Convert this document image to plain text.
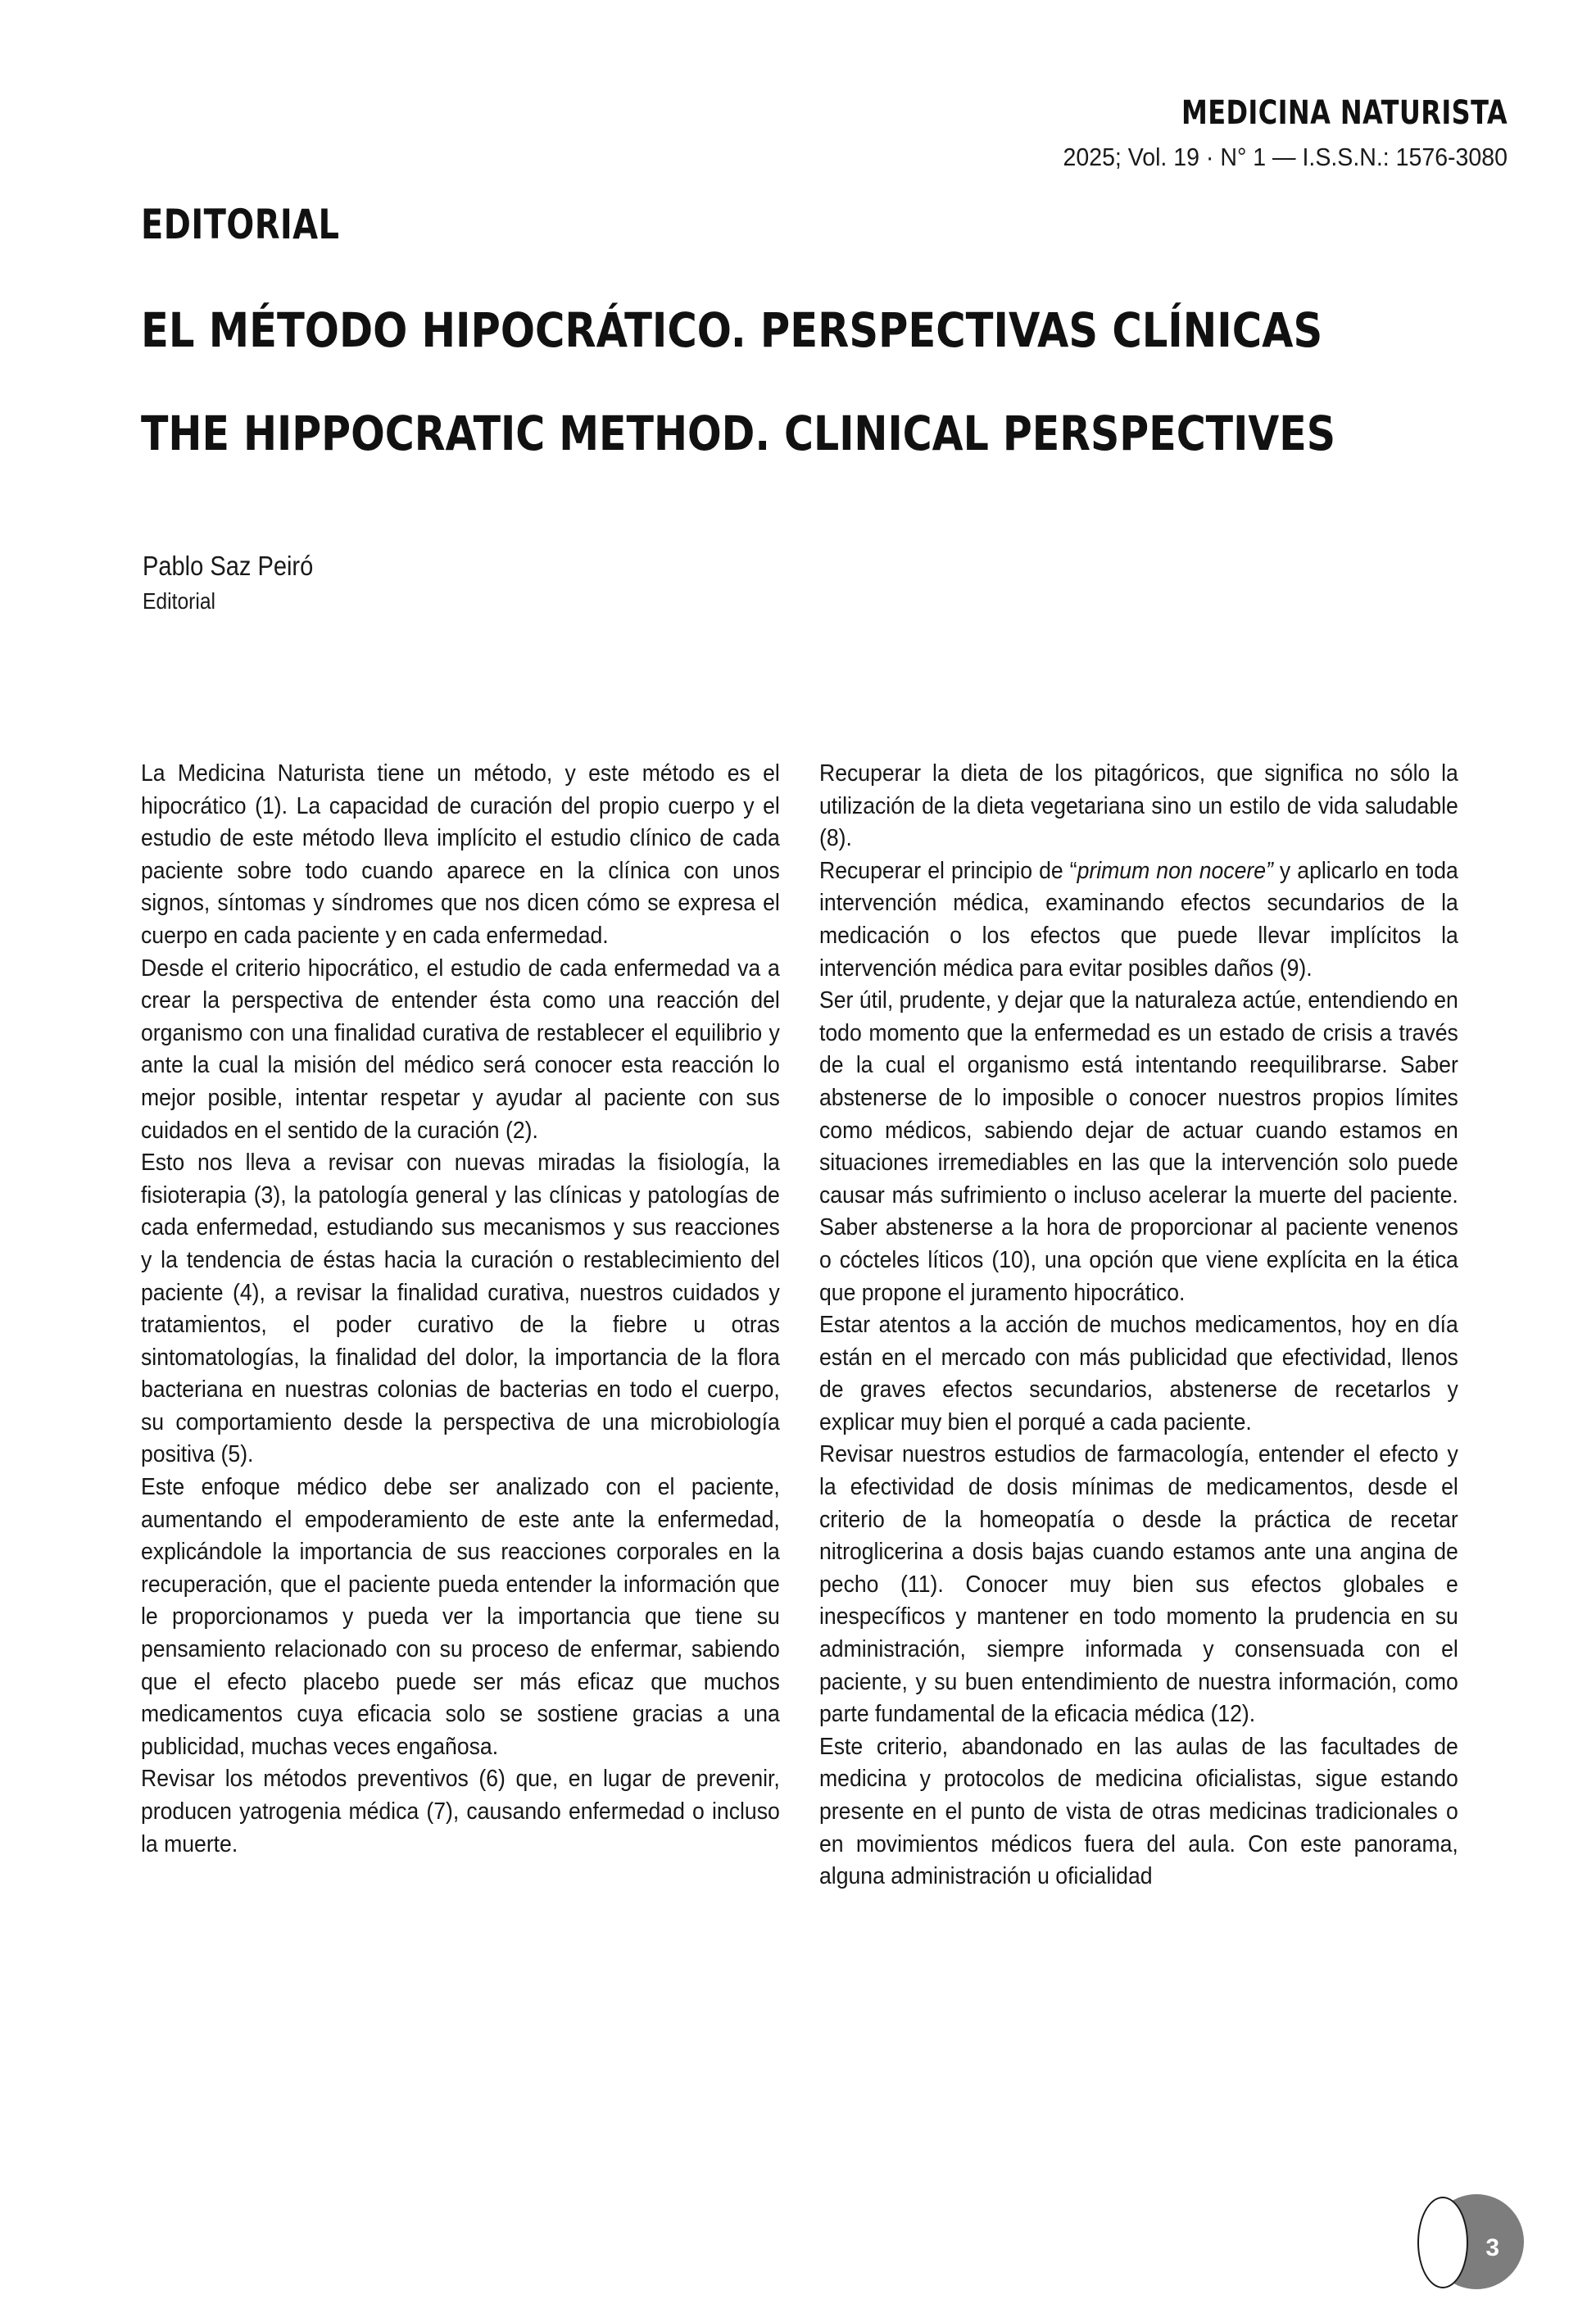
MEDICINA NATURISTA
2025; Vol. 19 · N° 1 — I.S.S.N.: 1576-3080
EDITORIAL
EL MÉTODO HIPOCRÁTICO. PERSPECTIVAS CLÍNICAS
THE HIPPOCRATIC METHOD. CLINICAL PERSPECTIVES
Pablo Saz Peiró
Editorial

La Medicina Naturista tiene un método, y este método es el hipocrático (1). La capacidad de curación del propio cuerpo y el estudio de este método lleva implícito el estudio clínico de cada paciente sobre todo cuando aparece en la clínica con unos signos, síntomas y síndromes que nos dicen cómo se expresa el cuerpo en cada paciente y en cada enfermedad.

Desde el criterio hipocrático, el estudio de cada enfermedad va a crear la perspectiva de entender ésta como una reacción del organismo con una finalidad curativa de restablecer el equilibrio y ante la cual la misión del médico será conocer esta reacción lo mejor posible, intentar respetar y ayudar al paciente con sus cuidados en el sentido de la curación (2).

Esto nos lleva a revisar con nuevas miradas la fisiología, la fisioterapia (3), la patología general y las clínicas y patologías de cada enfermedad, estudiando sus mecanismos y sus reacciones y la tendencia de éstas hacia la curación o restablecimiento del paciente (4), a revisar la finalidad curativa, nuestros cuidados y tratamientos, el poder curativo de la fiebre u otras sintomatologías, la finalidad del dolor, la importancia de la flora bacteriana en nuestras colonias de bacterias en todo el cuerpo, su comportamiento desde la perspectiva de una microbiología positiva (5).

Este enfoque médico debe ser analizado con el paciente, aumentando el empoderamiento de este ante la enfermedad, explicándole la importancia de sus reacciones corporales en la recuperación, que el paciente pueda entender la información que le proporcionamos y pueda ver la importancia que tiene su pensamiento relacionado con su proceso de enfermar, sabiendo que el efecto placebo puede ser más eficaz que muchos medicamentos cuya eficacia solo se sostiene gracias a una publicidad, muchas veces engañosa.

Revisar los métodos preventivos (6) que, en lugar de prevenir, producen yatrogenia médica (7), causando enfermedad o incluso la muerte.

Recuperar la dieta de los pitagóricos, que significa no sólo la utilización de la dieta vegetariana sino un estilo de vida saludable (8).

Recuperar el principio de “primum non nocere” y aplicarlo en toda intervención médica, examinando efectos secundarios de la medicación o los efectos que puede llevar implícitos la intervención médica para evitar posibles daños (9).

Ser útil, prudente, y dejar que la naturaleza actúe, entendiendo en todo momento que la enfermedad es un estado de crisis a través de la cual el organismo está intentando reequilibrarse. Saber abstenerse de lo imposible o conocer nuestros propios límites como médicos, sabiendo dejar de actuar cuando estamos en situaciones irremediables en las que la intervención solo puede causar más sufrimiento o incluso acelerar la muerte del paciente. Saber abstenerse a la hora de proporcionar al paciente venenos o cócteles líticos (10), una opción que viene explícita en la ética que propone el juramento hipocrático.

Estar atentos a la acción de muchos medicamentos, hoy en día están en el mercado con más publicidad que efectividad, llenos de graves efectos secundarios, abstenerse de recetarlos y explicar muy bien el porqué a cada paciente.

Revisar nuestros estudios de farmacología, entender el efecto y la efectividad de dosis mínimas de medicamentos, desde el criterio de la homeopatía o desde la práctica de recetar nitroglicerina a dosis bajas cuando estamos ante una angina de pecho (11). Conocer muy bien sus efectos globales e inespecíficos y mantener en todo momento la prudencia en su administración, siempre informada y consensuada con el paciente, y su buen entendimiento de nuestra información, como parte fundamental de la eficacia médica (12).

Este criterio, abandonado en las aulas de las facultades de medicina y protocolos de medicina oficialistas, sigue estando presente en el punto de vista de otras medicinas tradicionales o en movimientos médicos fuera del aula. Con este panorama, alguna administración u oficialidad

3
